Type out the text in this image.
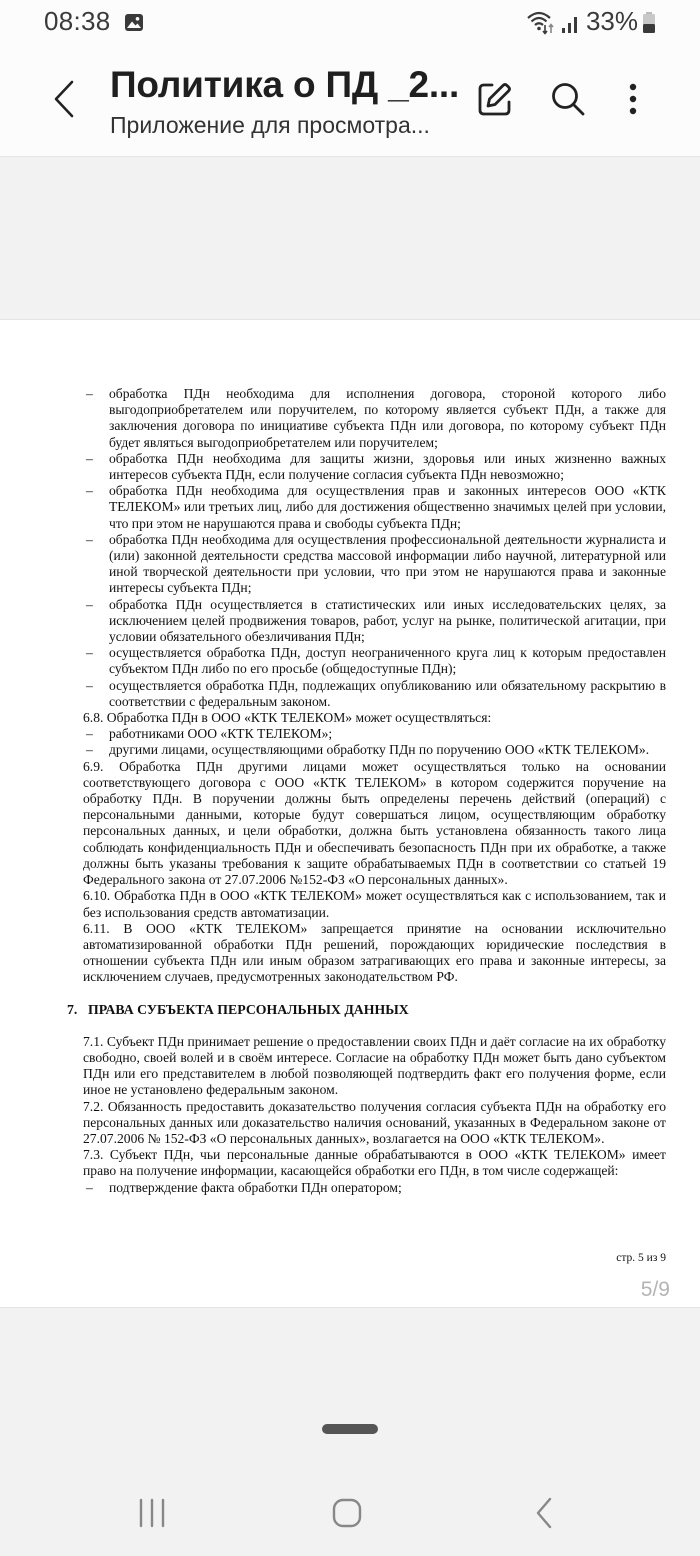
08:38	33%
Политика о ПД _2...
Приложение для просмотра...

– обработка ПДн необходима для исполнения договора, стороной которого либо выгодоприобретателем или поручителем, по которому является субъект ПДн, а также для заключения договора по инициативе субъекта ПДн или договора, по которому субъект ПДн будет являться выгодоприобретателем или поручителем;

– обработка ПДн необходима для защиты жизни, здоровья или иных жизненно важных интересов субъекта ПДн, если получение согласия субъекта ПДн невозможно;

– обработка ПДн необходима для осуществления прав и законных интересов ООО «КТК ТЕЛЕКОМ» или третьих лиц, либо для достижения общественно значимых целей при условии, что при этом не нарушаются права и свободы субъекта ПДн;

– обработка ПДн необходима для осуществления профессиональной деятельности журналиста и (или) законной деятельности средства массовой информации либо научной, литературной или иной творческой деятельности при условии, что при этом не нарушаются права и законные интересы субъекта ПДн;

– обработка ПДн осуществляется в статистических или иных исследовательских целях, за исключением целей продвижения товаров, работ, услуг на рынке, политической агитации, при условии обязательного обезличивания ПДн;

– осуществляется обработка ПДн, доступ неограниченного круга лиц к которым предоставлен субъектом ПДн либо по его просьбе (общедоступные ПДн);

– осуществляется обработка ПДн, подлежащих опубликованию или обязательному раскрытию в соответствии с федеральным законом.

6.8. Обработка ПДн в ООО «КТК ТЕЛЕКОМ» может осуществляться:

– работниками ООО «КТК ТЕЛЕКОМ»;

– другими лицами, осуществляющими обработку ПДн по поручению ООО «КТК ТЕЛЕКОМ».

6.9. Обработка ПДн другими лицами может осуществляться только на основании соответствующего договора с ООО «КТК ТЕЛЕКОМ» в котором содержится поручение на обработку ПДн. В поручении должны быть определены перечень действий (операций) с персональными данными, которые будут совершаться лицом, осуществляющим обработку персональных данных, и цели обработки, должна быть установлена обязанность такого лица соблюдать конфиденциальность ПДн и обеспечивать безопасность ПДн при их обработке, а также должны быть указаны требования к защите обрабатываемых ПДн в соответствии со статьей 19 Федерального закона от 27.07.2006 №152-ФЗ «О персональных данных».

6.10. Обработка ПДн в ООО «КТК ТЕЛЕКОМ» может осуществляться как с использованием, так и без использования средств автоматизации.

6.11. В ООО «КТК ТЕЛЕКОМ» запрещается принятие на основании исключительно автоматизированной обработки ПДн решений, порождающих юридические последствия в отношении субъекта ПДн или иным образом затрагивающих его права и законные интересы, за исключением случаев, предусмотренных законодательством РФ.

7. ПРАВА СУБЪЕКТА ПЕРСОНАЛЬНЫХ ДАННЫХ

7.1. Субъект ПДн принимает решение о предоставлении своих ПДн и даёт согласие на их обработку свободно, своей волей и в своём интересе. Согласие на обработку ПДн может быть дано субъектом ПДн или его представителем в любой позволяющей подтвердить факт его получения форме, если иное не установлено федеральным законом.

7.2. Обязанность предоставить доказательство получения согласия субъекта ПДн на обработку его персональных данных или доказательство наличия оснований, указанных в Федеральном законе от 27.07.2006 № 152-ФЗ «О персональных данных», возлагается на ООО «КТК ТЕЛЕКОМ».

7.3. Субъект ПДн, чьи персональные данные обрабатываются в ООО «КТК ТЕЛЕКОМ» имеет право на получение информации, касающейся обработки его ПДн, в том числе содержащей:

– подтверждение факта обработки ПДн оператором;

стр. 5 из 9
5/9
